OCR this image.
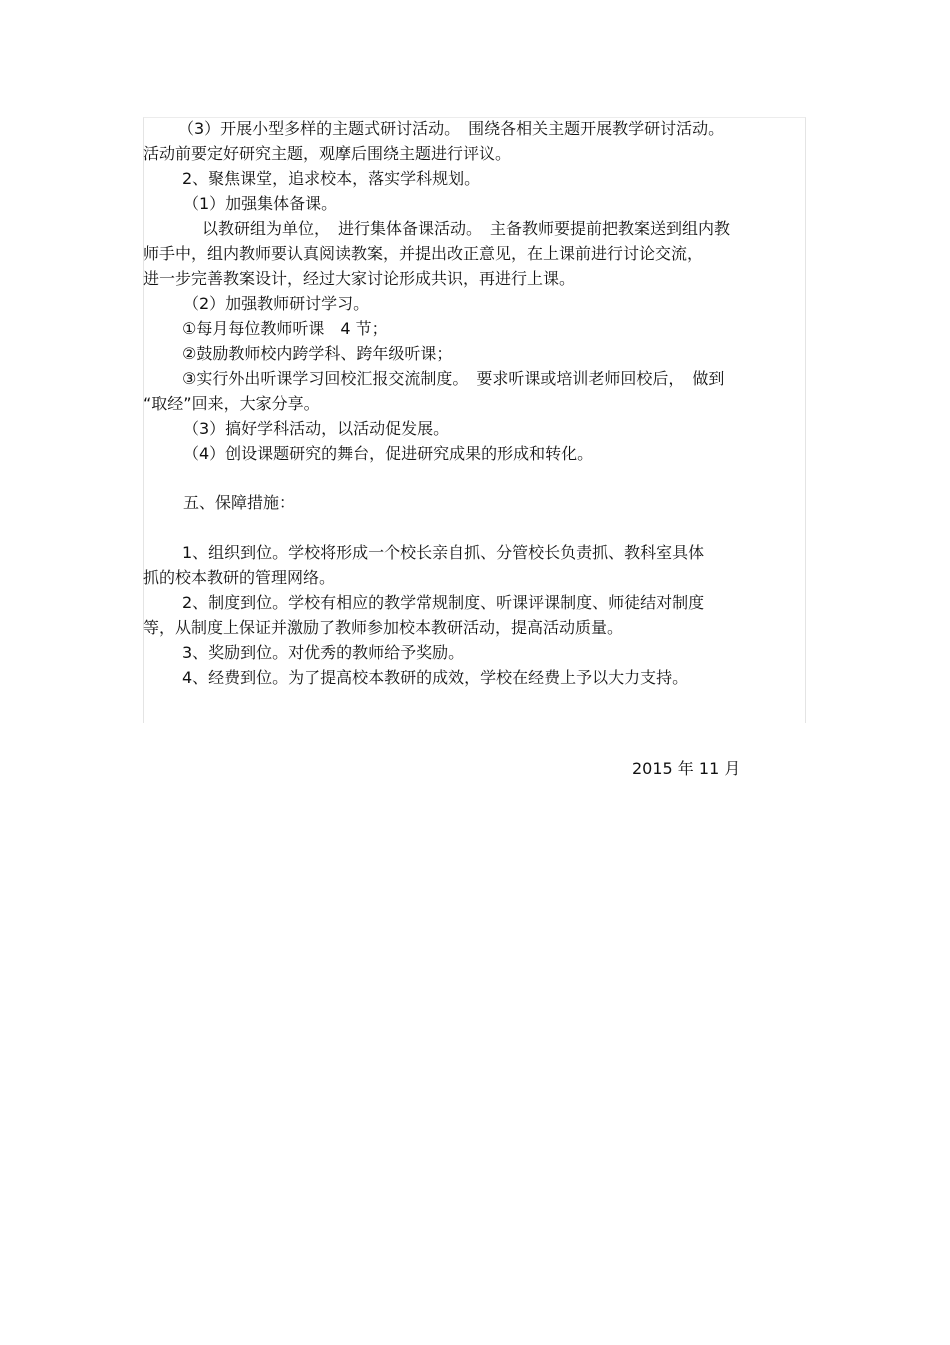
（3）开展小型多样的主题式研讨活动。　围绕各相关主题开展教学研讨活动。

活动前要定好研究主题，观摩后围绕主题进行评议。

2、聚焦课堂，追求校本，落实学科规划。

（1）加强集体备课。

以教研组为单位，　进行集体备课活动。　主备教师要提前把教案送到组内教

师手中，组内教师要认真阅读教案，并提出改正意见，在上课前进行讨论交流，

进一步完善教案设计，经过大家讨论形成共识，再进行上课。

（2）加强教师研讨学习。

①每月每位教师听课　4 节；

②鼓励教师校内跨学科、跨年级听课；

③实行外出听课学习回校汇报交流制度。　要求听课或培训老师回校后，　做到

“取经”回来，大家分享。

（3）搞好学科活动，以活动促发展。

（4）创设课题研究的舞台，促进研究成果的形成和转化。

五、保障措施：

1、组织到位。学校将形成一个校长亲自抓、分管校长负责抓、教科室具体

抓的校本教研的管理网络。

2、制度到位。学校有相应的教学常规制度、听课评课制度、师徒结对制度

等，从制度上保证并激励了教师参加校本教研活动，提高活动质量。

3、奖励到位。对优秀的教师给予奖励。

4、经费到位。为了提高校本教研的成效，学校在经费上予以大力支持。

2015 年 11 月
